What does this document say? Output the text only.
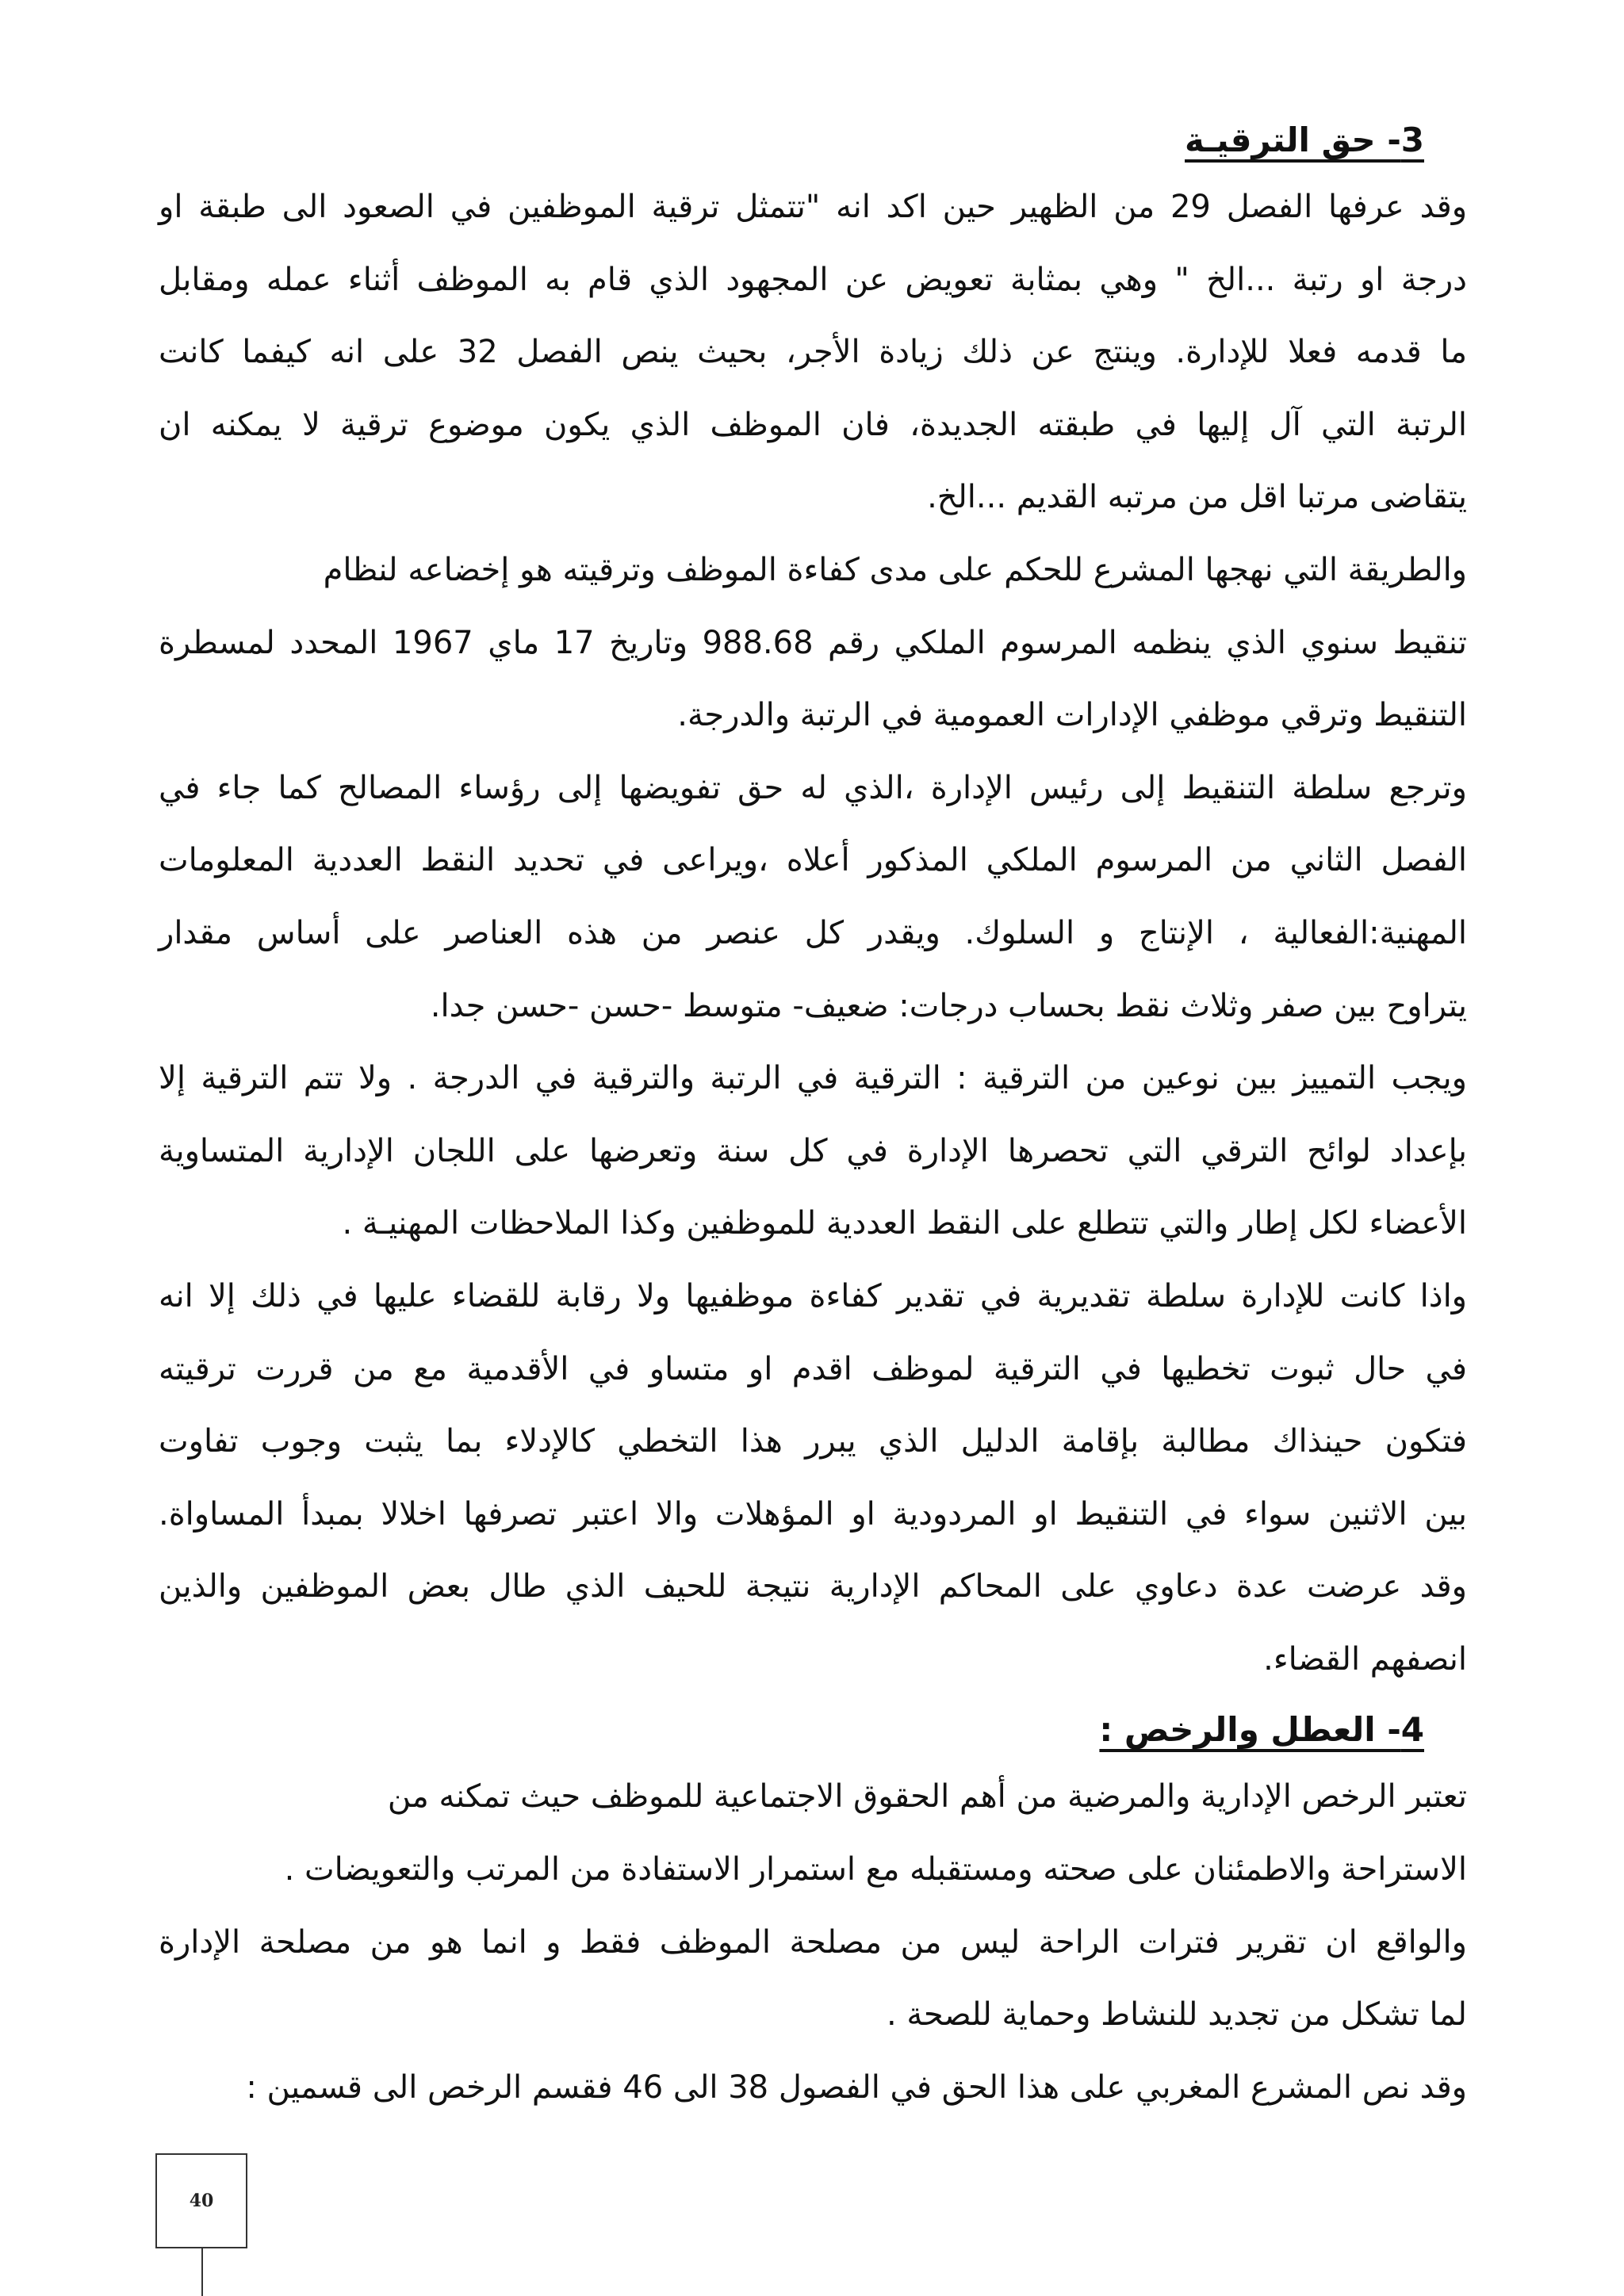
3- حق الترقيـة
وقد عرفها الفصل 29 من الظهير حين اكد انه "تتمثل ترقية الموظفين في الصعود الى طبقة او
درجة او رتبة ...الخ " وهي بمثابة تعويض عن المجهود الذي قام به الموظف أثناء عمله ومقابل
ما قدمه فعلا للإدارة. وينتج عن ذلك زيادة الأجر، بحيث ينص الفصل 32 على انه كيفما كانت
الرتبة التي آل إليها في طبقته الجديدة، فان الموظف الذي يكون موضوع ترقية لا يمكنه ان
يتقاضى مرتبا اقل من مرتبه القديم ...الخ.
والطريقة التي نهجها المشرع للحكم على مدى كفاءة الموظف وترقيته هو إخضاعه لنظام
تنقيط سنوي الذي ينظمه المرسوم الملكي رقم 988.68 وتاريخ 17 ماي 1967 المحدد لمسطرة
التنقيط وترقي موظفي الإدارات العمومية في الرتبة والدرجة.
وترجع سلطة التنقيط إلى رئيس الإدارة ،الذي له حق تفويضها إلى رؤساء المصالح كما جاء في
الفصل الثاني من المرسوم الملكي المذكور أعلاه ،ويراعى في تحديد النقط العددية المعلومات
المهنية:الفعالية ، الإنتاج و السلوك. ويقدر كل عنصر من هذه العناصر على أساس مقدار
يتراوح بين صفر وثلاث نقط بحساب درجات: ضعيف- متوسط -حسن -حسن جدا.
ويجب التمييز بين نوعين من الترقية : الترقية في الرتبة والترقية في الدرجة . ولا تتم الترقية إلا
بإعداد لوائح الترقي التي تحصرها الإدارة في كل سنة وتعرضها على اللجان الإدارية المتساوية
الأعضاء لكل إطار والتي تتطلع على النقط العددية للموظفين وكذا الملاحظات المهنيـة .
واذا كانت للإدارة سلطة تقديرية في تقدير كفاءة موظفيها ولا رقابة للقضاء عليها في ذلك إلا انه
في حال ثبوت تخطيها في الترقية لموظف اقدم او متساو في الأقدمية مع من قررت ترقيته
فتكون حينذاك مطالبة بإقامة الدليل الذي يبرر هذا التخطي كالإدلاء بما يثبت وجوب تفاوت
بين الاثنين سواء في التنقيط او المردودية او المؤهلات والا اعتبر تصرفها اخلالا بمبدأ المساواة.
وقد عرضت عدة دعاوي على المحاكم الإدارية نتيجة للحيف الذي طال بعض الموظفين والذين
انصفهم القضاء.
4- العطل والرخص :
تعتبر الرخص الإدارية والمرضية من أهم الحقوق الاجتماعية للموظف حيث تمكنه من
الاستراحة والاطمئنان على صحته ومستقبله مع استمرار الاستفادة من المرتب والتعويضات .
والواقع ان تقرير فترات الراحة ليس من مصلحة الموظف فقط و انما هو من مصلحة الإدارة
لما تشكل من تجديد للنشاط وحماية للصحة .
وقد نص المشرع المغربي على هذا الحق في الفصول 38 الى 46 فقسم الرخص الى قسمين :
40
